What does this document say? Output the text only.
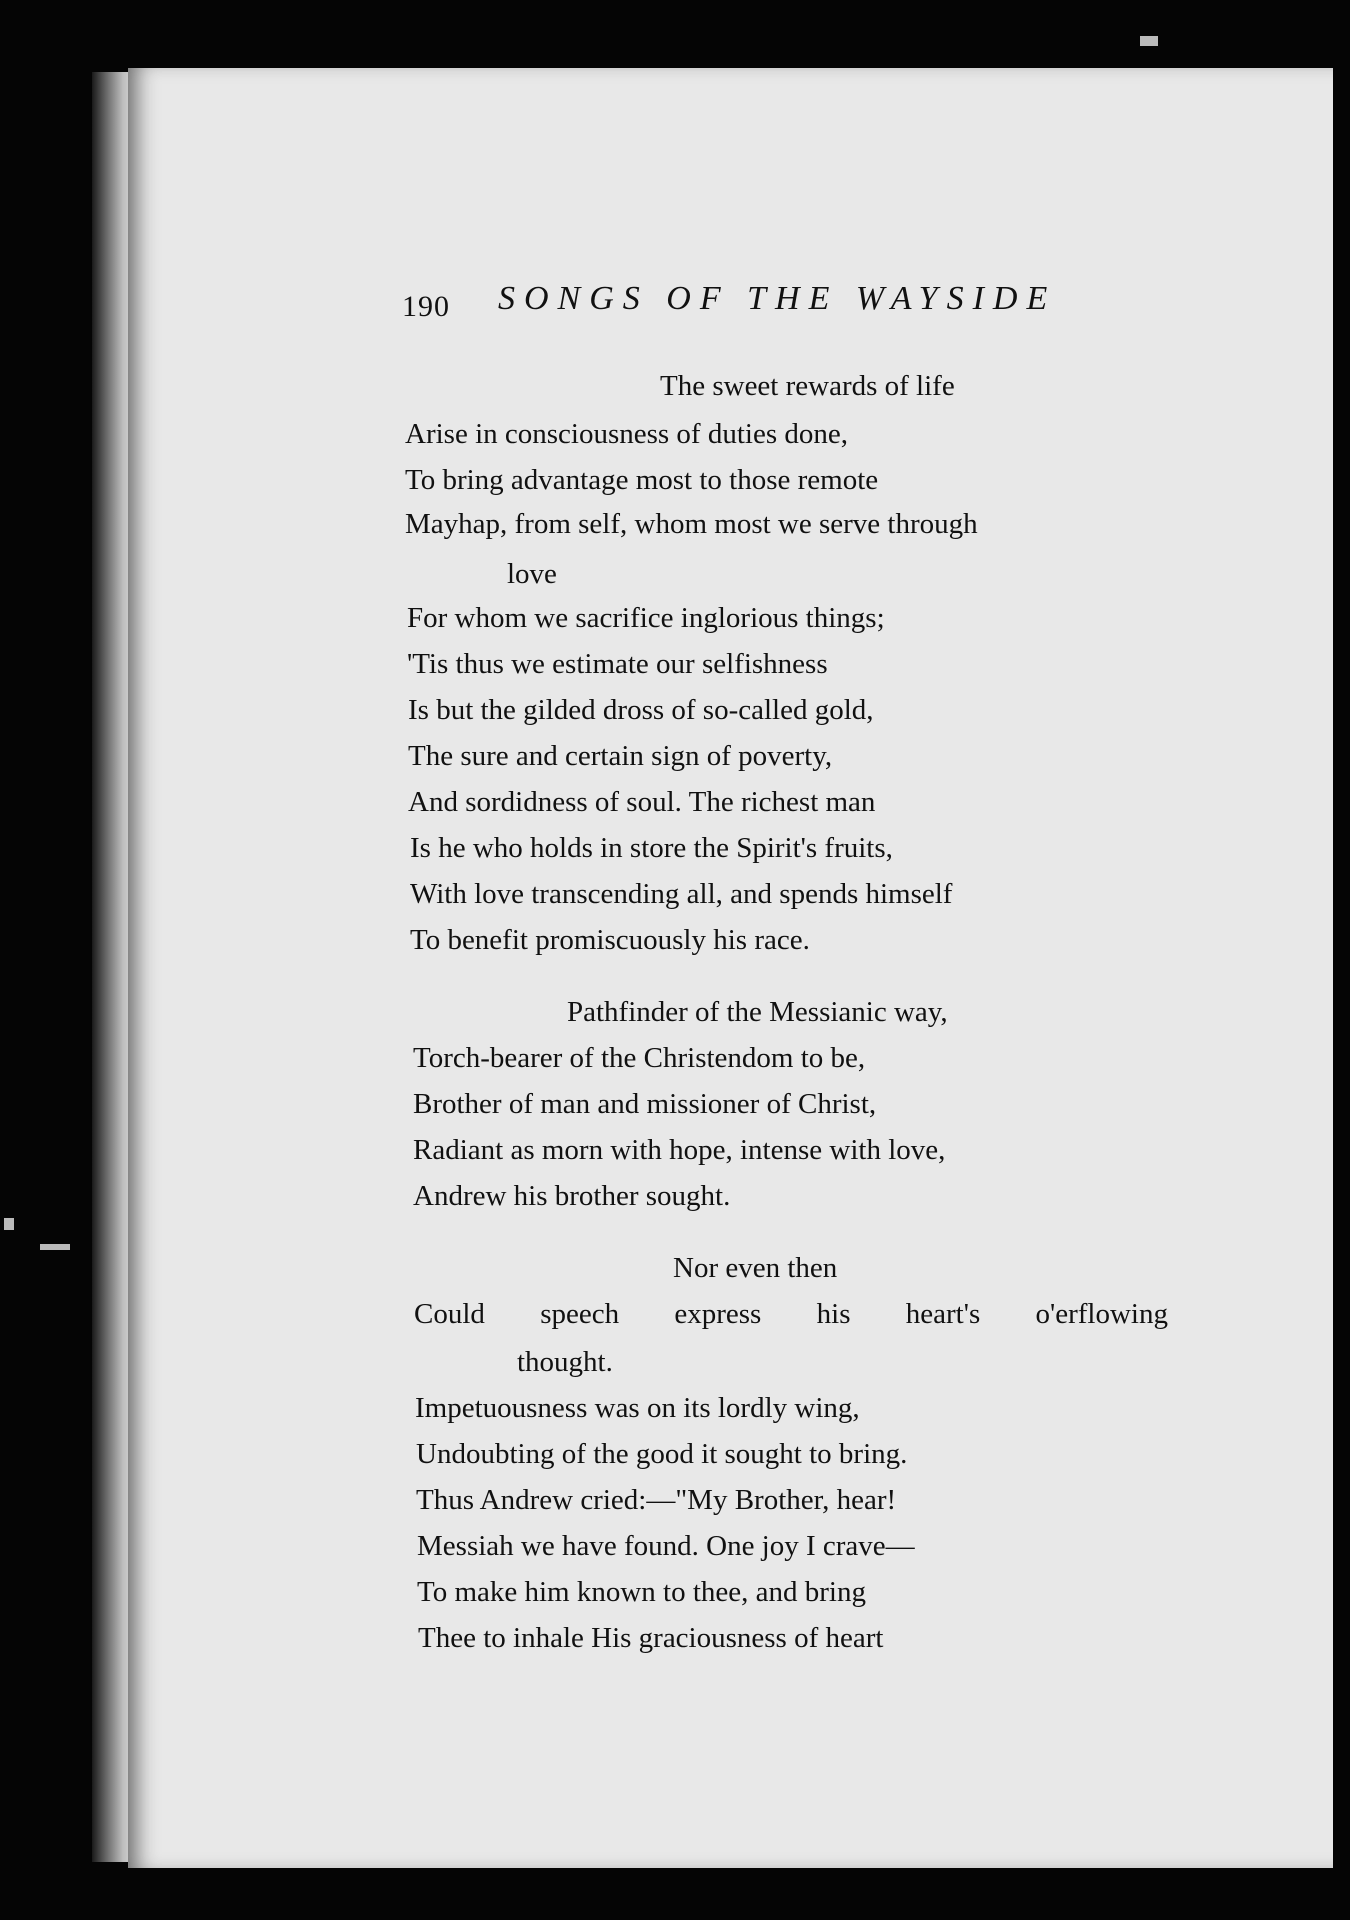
190 SONGS OF THE WAYSIDE
The sweet rewards of life
Arise in consciousness of duties done,
To bring advantage most to those remote
Mayhap, from self, whom most we serve through
love
For whom we sacrifice inglorious things;
'Tis thus we estimate our selfishness
Is but the gilded dross of so-called gold,
The sure and certain sign of poverty,
And sordidness of soul. The richest man
Is he who holds in store the Spirit's fruits,
With love transcending all, and spends himself
To benefit promiscuously his race.
Pathfinder of the Messianic way,
Torch-bearer of the Christendom to be,
Brother of man and missioner of Christ,
Radiant as morn with hope, intense with love,
Andrew his brother sought.
Nor even then
Could speech express his heart's o'erflowing
thought.
Impetuousness was on its lordly wing,
Undoubting of the good it sought to bring.
Thus Andrew cried:—"My Brother, hear!
Messiah we have found. One joy I crave—
To make him known to thee, and bring
Thee to inhale His graciousness of heart
